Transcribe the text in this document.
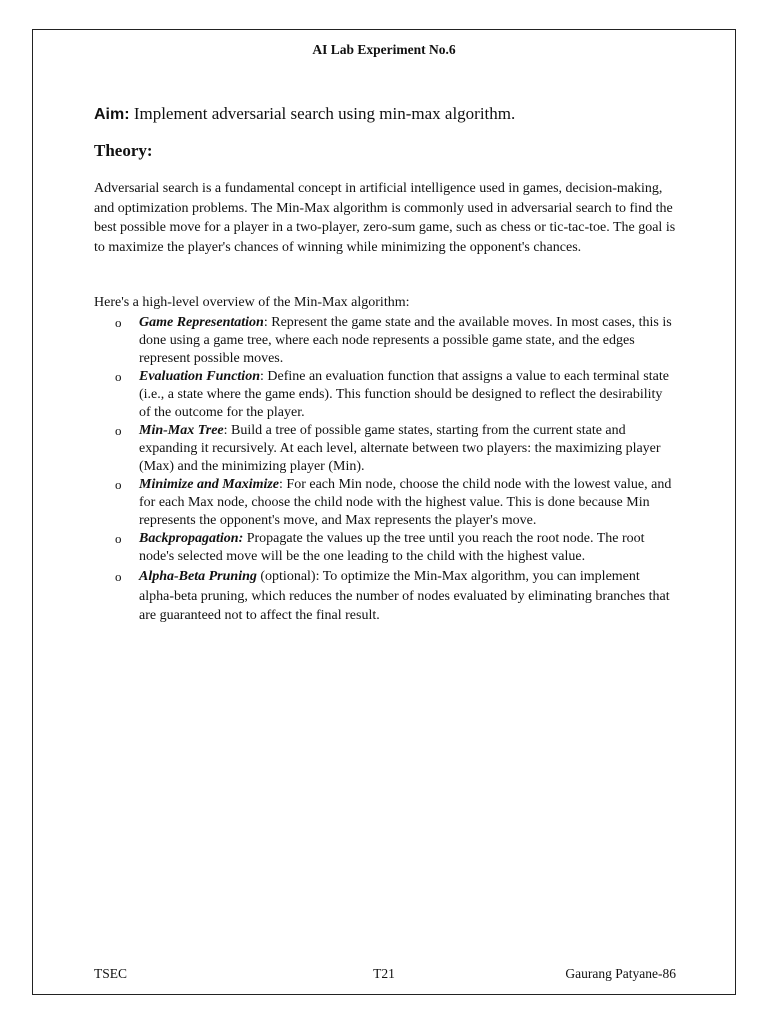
AI Lab Experiment No.6
Aim: Implement adversarial search using min-max algorithm.
Theory:

Adversarial search is a fundamental concept in artificial intelligence used in games, decision-making, and optimization problems. The Min-Max algorithm is commonly used in adversarial search to find the best possible move for a player in a two-player, zero-sum game, such as chess or tic-tac-toe. The goal is to maximize the player's chances of winning while minimizing the opponent's chances.

Here's a high-level overview of the Min-Max algorithm:
o Game Representation: Represent the game state and the available moves. In most cases, this is done using a game tree, where each node represents a possible game state, and the edges represent possible moves.
o Evaluation Function: Define an evaluation function that assigns a value to each terminal state (i.e., a state where the game ends). This function should be designed to reflect the desirability of the outcome for the player.
o Min-Max Tree: Build a tree of possible game states, starting from the current state and expanding it recursively. At each level, alternate between two players: the maximizing player (Max) and the minimizing player (Min).
o Minimize and Maximize: For each Min node, choose the child node with the lowest value, and for each Max node, choose the child node with the highest value. This is done because Min represents the opponent's move, and Max represents the player's move.
o Backpropagation: Propagate the values up the tree until you reach the root node. The root node's selected move will be the one leading to the child with the highest value.
o Alpha-Beta Pruning (optional): To optimize the Min-Max algorithm, you can implement alpha-beta pruning, which reduces the number of nodes evaluated by eliminating branches that are guaranteed not to affect the final result.
TSEC	T21	Gaurang Patyane-86
